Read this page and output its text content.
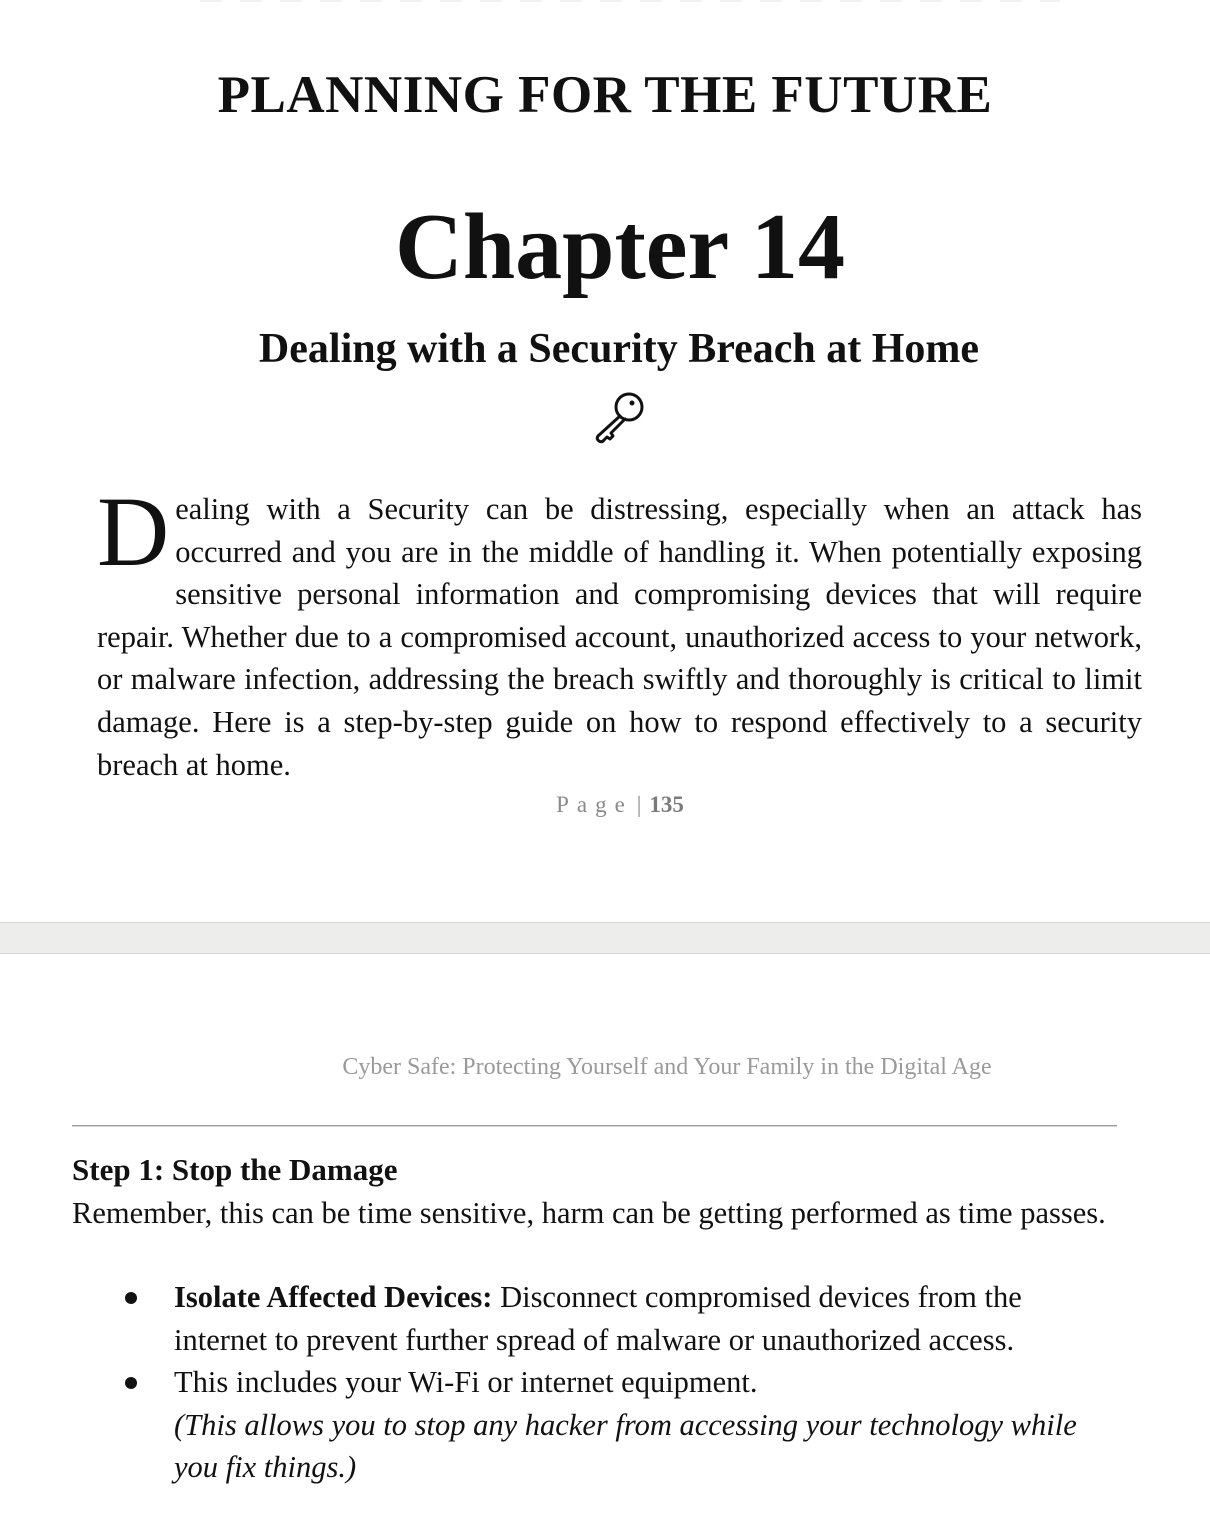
PLANNING FOR THE FUTURE
Chapter 14
Dealing with a Security Breach at Home

Dealing with a Security can be distressing, especially when an attack has occurred and you are in the middle of handling it. When potentially exposing sensitive personal information and compromising devices that will require repair. Whether due to a compromised account, unauthorized access to your network, or malware infection, addressing the breach swiftly and thoroughly is critical to limit damage. Here is a step-by-step guide on how to respond effectively to a security breach at home.

Page | 135
Cyber Safe: Protecting Yourself and Your Family in the Digital Age
Step 1: Stop the Damage

Remember, this can be time sensitive, harm can be getting performed as time passes.

Isolate Affected Devices: Disconnect compromised devices from the internet to prevent further spread of malware or unauthorized access.
This includes your Wi-Fi or internet equipment.
(This allows you to stop any hacker from accessing your technology while you fix things.)
